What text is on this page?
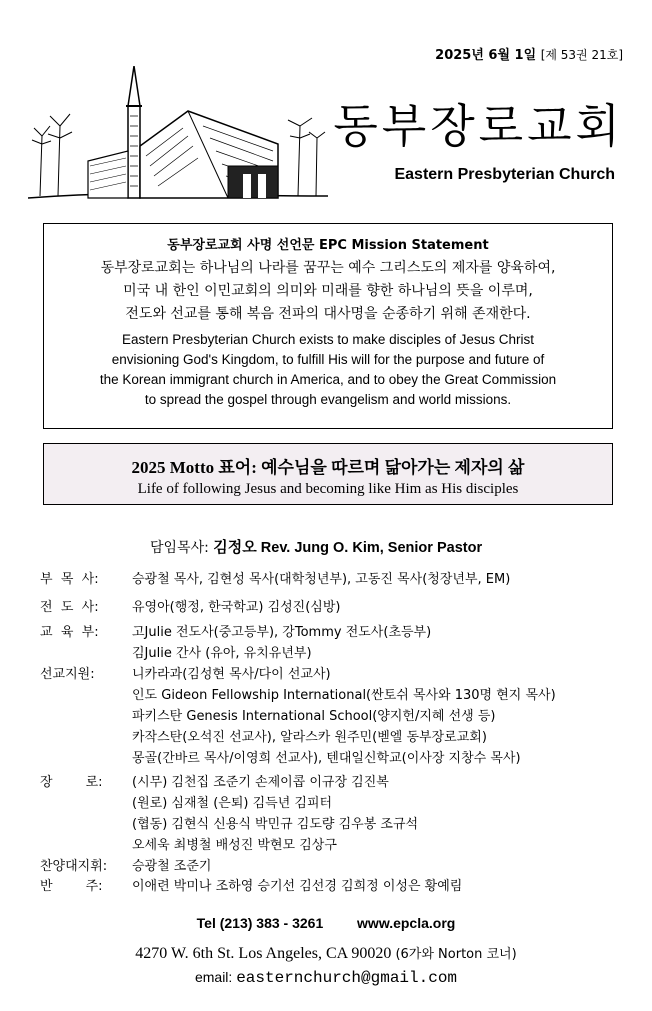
2025년 6월 1일 [제 53권 21호]
동부장로교회
Eastern Presbyterian Church
동부장로교회 사명 선언문 EPC Mission Statement
동부장로교회는 하나님의 나라를 꿈꾸는 예수 그리스도의 제자를 양육하여,
미국 내 한인 이민교회의 의미와 미래를 향한 하나님의 뜻을 이루며,
전도와 선교를 통해 복음 전파의 대사명을 순종하기 위해 존재한다.
Eastern Presbyterian Church exists to make disciples of Jesus Christ
envisioning God's Kingdom, to fulfill His will for the purpose and future of
the Korean immigrant church in America, and to obey the Great Commission
to spread the gospel through evangelism and world missions.
2025 Motto 표어: 예수님을 따르며 닮아가는 제자의 삶
Life of following Jesus and becoming like Him as His disciples
담임목사: 김정오 Rev. Jung O. Kim, Senior Pastor
부  목  사:	승광철 목사, 김현성 목사(대학청년부), 고동진 목사(청장년부, EM)
전  도  사:	유영아(행정, 한국학교) 김성진(심방)
교  육  부:	고Julie 전도사(중고등부), 강Tommy 전도사(초등부)
김Julie 간사 (유아, 유치유년부)
선교지원:	니카라과(김성현 목사/다이 선교사)
인도 Gideon Fellowship International(싼토쉬 목사와 130명 현지 목사)
파키스탄 Genesis International School(양지헌/지혜 선생 등)
카작스탄(오석진 선교사), 알라스카 원주민(벧엘 동부장로교회)
몽골(간바르 목사/이영희 선교사), 텐대일신학교(이사장 지창수 목사)
장        로:	(시무) 김천집 조준기 손제이콥 이규장 김진복
(원로) 심재철 (은퇴) 김득년 김피터
(협동) 김현식 신용식 박민규 김도량 김우봉 조규석
오세욱 최병철 배성진 박현모 김상구
찬양대지휘:	승광철 조준기
반        주:	이애련 박미나 조하영 승기선 김선경 김희정 이성은 황예림
Tel (213) 383 - 3261 www.epcla.org
4270 W. 6th St. Los Angeles, CA 90020 (6가와 Norton 코너)
email: easternchurch@gmail.com
